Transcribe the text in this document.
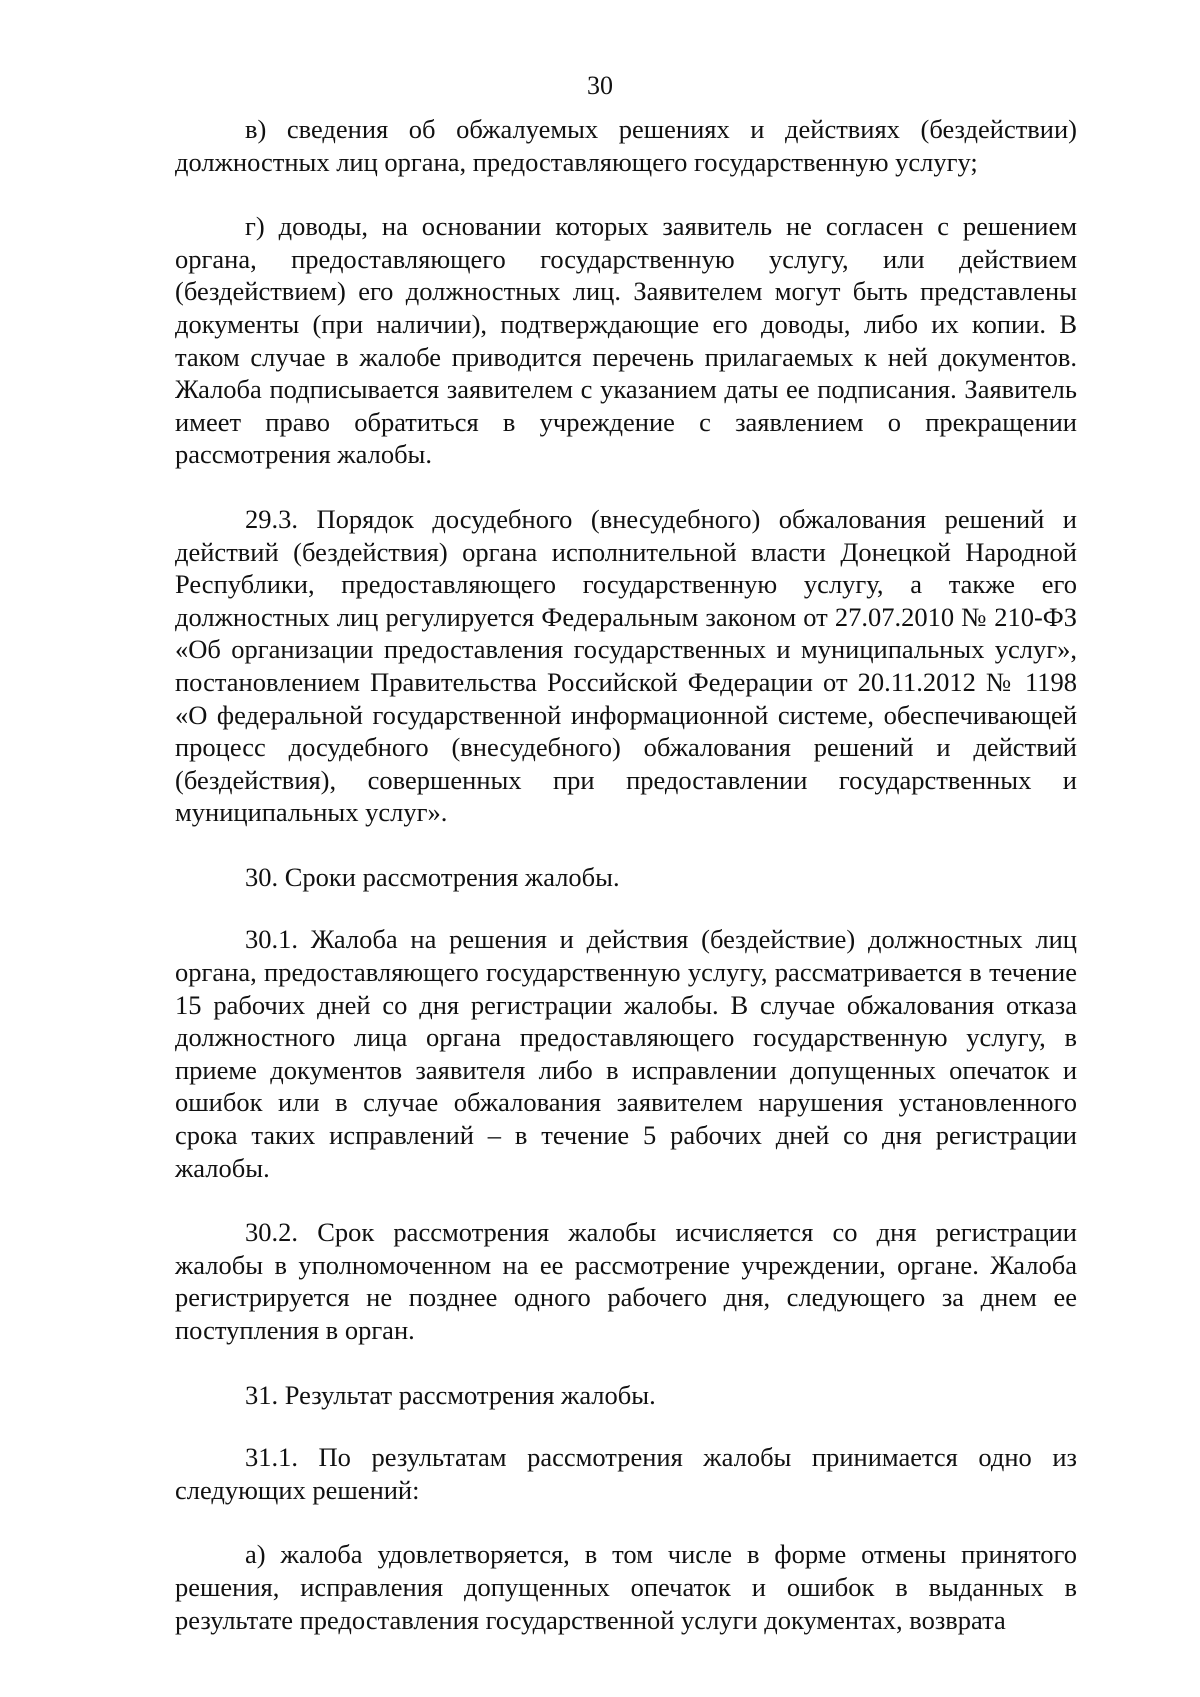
30

в) сведения об обжалуемых решениях и действиях (бездействии) должностных лиц органа, предоставляющего государственную услугу;

г) доводы, на основании которых заявитель не согласен с решением органа, предоставляющего государственную услугу, или действием (бездействием) его должностных лиц. Заявителем могут быть представлены документы (при наличии), подтверждающие его доводы, либо их копии. В таком случае в жалобе приводится перечень прилагаемых к ней документов. Жалоба подписывается заявителем с указанием даты ее подписания. Заявитель имеет право обратиться в учреждение с заявлением о прекращении рассмотрения жалобы.

29.3. Порядок досудебного (внесудебного) обжалования решений и действий (бездействия) органа исполнительной власти Донецкой Народной Республики, предоставляющего государственную услугу, а также его должностных лиц регулируется Федеральным законом от 27.07.2010 № 210-ФЗ «Об организации предоставления государственных и муниципальных услуг», постановлением Правительства Российской Федерации от 20.11.2012 № 1198 «О федеральной государственной информационной системе, обеспечивающей процесс досудебного (внесудебного) обжалования решений и действий (бездействия), совершенных при предоставлении государственных и муниципальных услуг».

30. Сроки рассмотрения жалобы.

30.1. Жалоба на решения и действия (бездействие) должностных лиц органа, предоставляющего государственную услугу, рассматривается в течение 15 рабочих дней со дня регистрации жалобы. В случае обжалования отказа должностного лица органа предоставляющего государственную услугу, в приеме документов заявителя либо в исправлении допущенных опечаток и ошибок или в случае обжалования заявителем нарушения установленного срока таких исправлений – в течение 5 рабочих дней со дня регистрации жалобы.

30.2. Срок рассмотрения жалобы исчисляется со дня регистрации жалобы в уполномоченном на ее рассмотрение учреждении, органе. Жалоба регистрируется не позднее одного рабочего дня, следующего за днем ее поступления в орган.

31. Результат рассмотрения жалобы.

31.1. По результатам рассмотрения жалобы принимается одно из следующих решений:

а) жалоба удовлетворяется, в том числе в форме отмены принятого решения, исправления допущенных опечаток и ошибок в выданных в результате предоставления государственной услуги документах, возврата
